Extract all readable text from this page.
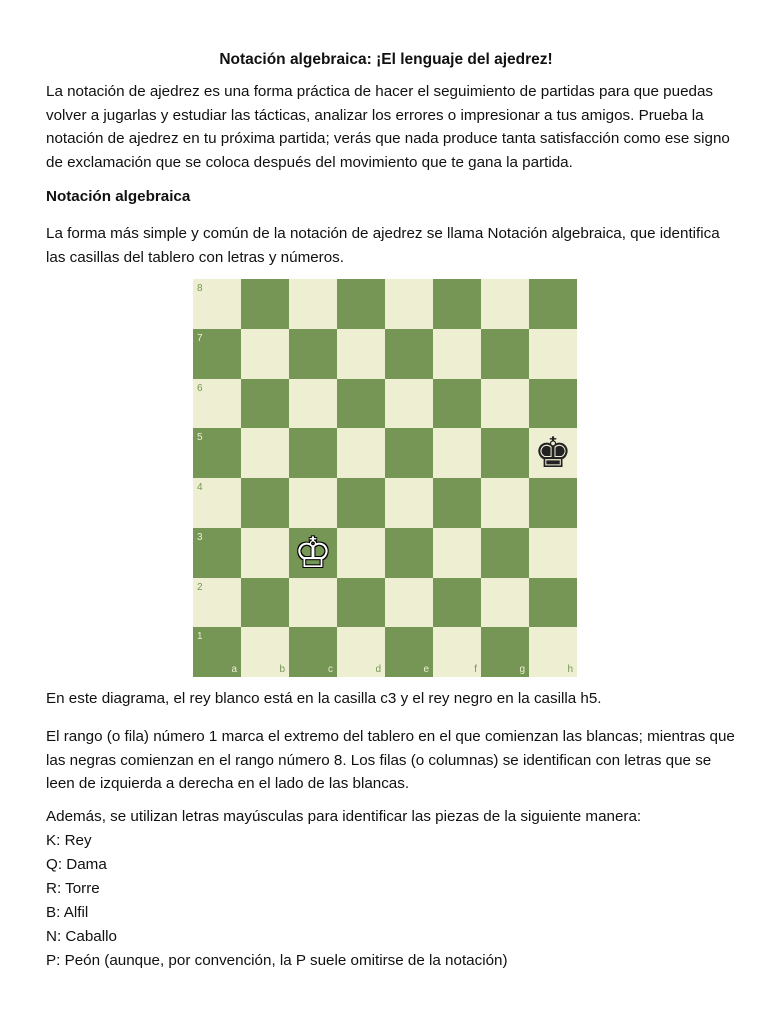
Notación algebraica: ¡El lenguaje del ajedrez!

La notación de ajedrez es una forma práctica de hacer el seguimiento de partidas para que puedas volver a jugarlas y estudiar las tácticas, analizar los errores o impresionar a tus amigos. Prueba la notación de ajedrez en tu próxima partida; verás que nada produce tanta satisfacción como ese signo de exclamación que se coloca después del movimiento que te gana la partida.

Notación algebraica

La forma más simple y común de la notación de ajedrez se llama Notación algebraica, que identifica las casillas del tablero con letras y números.

En este diagrama, el rey blanco está en la casilla c3 y el rey negro en la casilla h5.

El rango (o fila) número 1 marca el extremo del tablero en el que comienzan las blancas; mientras que las negras comienzan en el rango número 8. Los filas (o columnas) se identifican con letras que se leen de izquierda a derecha en el lado de las blancas.

Además, se utilizan letras mayúsculas para identificar las piezas de la siguiente manera:

K: Rey
Q: Dama
R: Torre
B: Alfil
N: Caballo
P: Peón (aunque, por convención, la P suele omitirse de la notación)
8
7
6
5	♚
4
3 ♔
2
1
a	b	c	d	e	f	g	h
